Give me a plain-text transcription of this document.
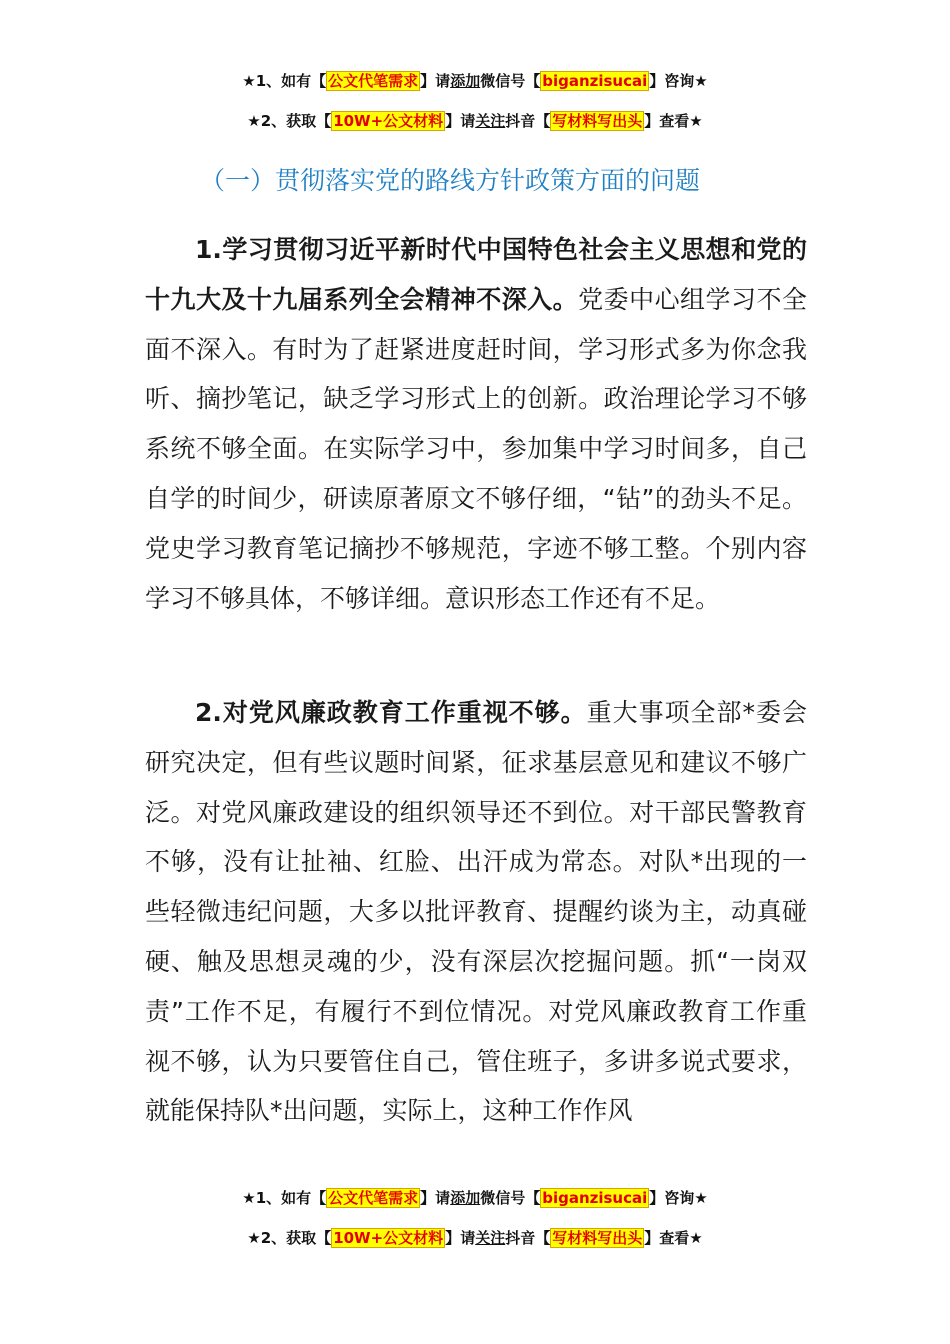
★1、如有【 公文代笔需求 】请添加微信号【 biganzisucai 】咨询★
★2、获取【 10W+公文材料 】请关注抖音【 写材料写出头 】查看★
（一）贯彻落实党的路线方针政策方面的问题

1.学习贯彻习近平新时代中国特色社会主义思想和党的十九大及十九届系列全会精神不深入。党委中心组学习不全面不深入。有时为了赶紧进度赶时间，学习形式多为你念我听、摘抄笔记，缺乏学习形式上的创新。政治理论学习不够系统不够全面。在实际学习中，参加集中学习时间多，自己自学的时间少，研读原著原文不够仔细，“钻”的劲头不足。党史学习教育笔记摘抄不够规范，字迹不够工整。个别内容学习不够具体，不够详细。意识形态工作还有不足。

2.对党风廉政教育工作重视不够。重大事项全部*委会研究决定，但有些议题时间紧，征求基层意见和建议不够广泛。对党风廉政建设的组织领导还不到位。对干部民警教育不够，没有让扯袖、红脸、出汗成为常态。对队*出现的一些轻微违纪问题，大多以批评教育、提醒约谈为主，动真碰硬、触及思想灵魂的少，没有深层次挖掘问题。抓“一岗双责”工作不足，有履行不到位情况。对党风廉政教育工作重视不够，认为只要管住自己，管住班子，多讲多说式要求，就能保持队*出问题，实际上，这种工作作风

★1、如有【 公文代笔需求 】请添加微信号【 biganzisucai 】咨询★
★2、获取【 10W+公文材料 】请关注抖音【 写材料写出头 】查看★
